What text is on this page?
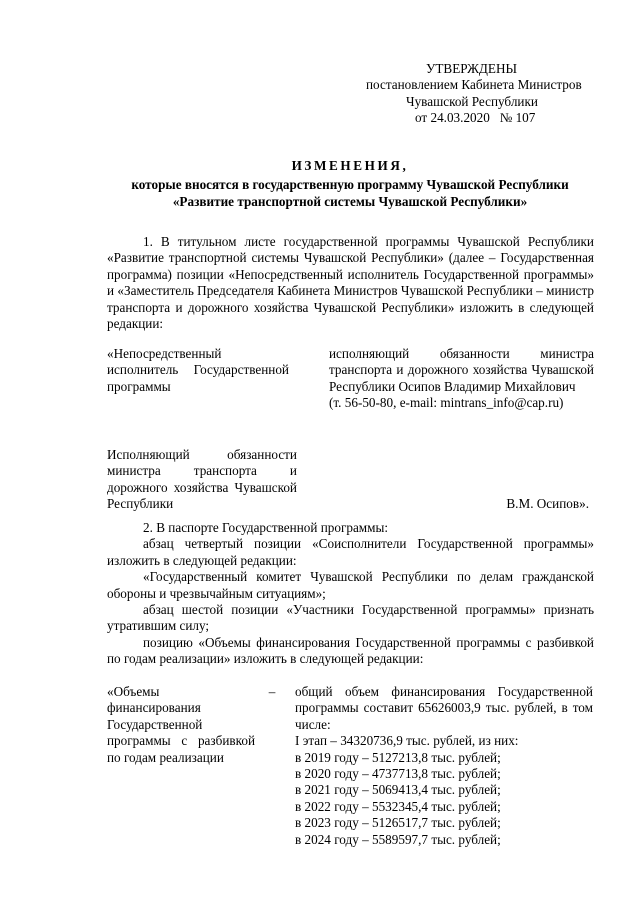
УТВЕРЖДЕНЫ
постановлением Кабинета Министров
Чувашской Республики
от 24.03.2020   № 107
ИЗМЕНЕНИЯ,
которые вносятся в государственную программу Чувашской Республики
«Развитие транспортной системы Чувашской Республики»

1. В титульном листе государственной программы Чувашской Республики «Развитие транспортной системы Чувашской Республики» (далее – Государственная программа) позиции «Непосредственный исполнитель Государственной программы» и «Заместитель Председателя Кабинета Министров Чувашской Республики – министр транспорта и дорожного хозяйства Чувашской Республики» изложить в следующей редакции:

«Непосредственный исполнитель Государственной программы
исполняющий обязанности министра транспорта и дорожного хозяйства Чувашской Республики Осипов Владимир Михайлович
(т. 56-50-80, e-mail: mintrans_info@cap.ru)
Исполняющий обязанности министра транспорта и дорожного хозяйства Чувашской Республики	В.М. Осипов».

2. В паспорте Государственной программы:

абзац четвертый позиции «Соисполнители Государственной программы» изложить в следующей редакции:

«Государственный комитет Чувашской Республики по делам гражданской обороны и чрезвычайным ситуациям»;

абзац шестой позиции «Участники Государственной программы» признать утратившим силу;

позицию «Объемы финансирования Государственной программы с разбивкой по годам реализации» изложить в следующей редакции:

«Объемы финансирования Государственной программы с разбивкой по годам реализации
–	общий объем финансирования Государственной программы составит 65626003,9 тыс. рублей, в том числе:
I этап – 34320736,9 тыс. рублей, из них:
в 2019 году – 5127213,8 тыс. рублей;
в 2020 году – 4737713,8 тыс. рублей;
в 2021 году – 5069413,4 тыс. рублей;
в 2022 году – 5532345,4 тыс. рублей;
в 2023 году – 5126517,7 тыс. рублей;
в 2024 году – 5589597,7 тыс. рублей;
